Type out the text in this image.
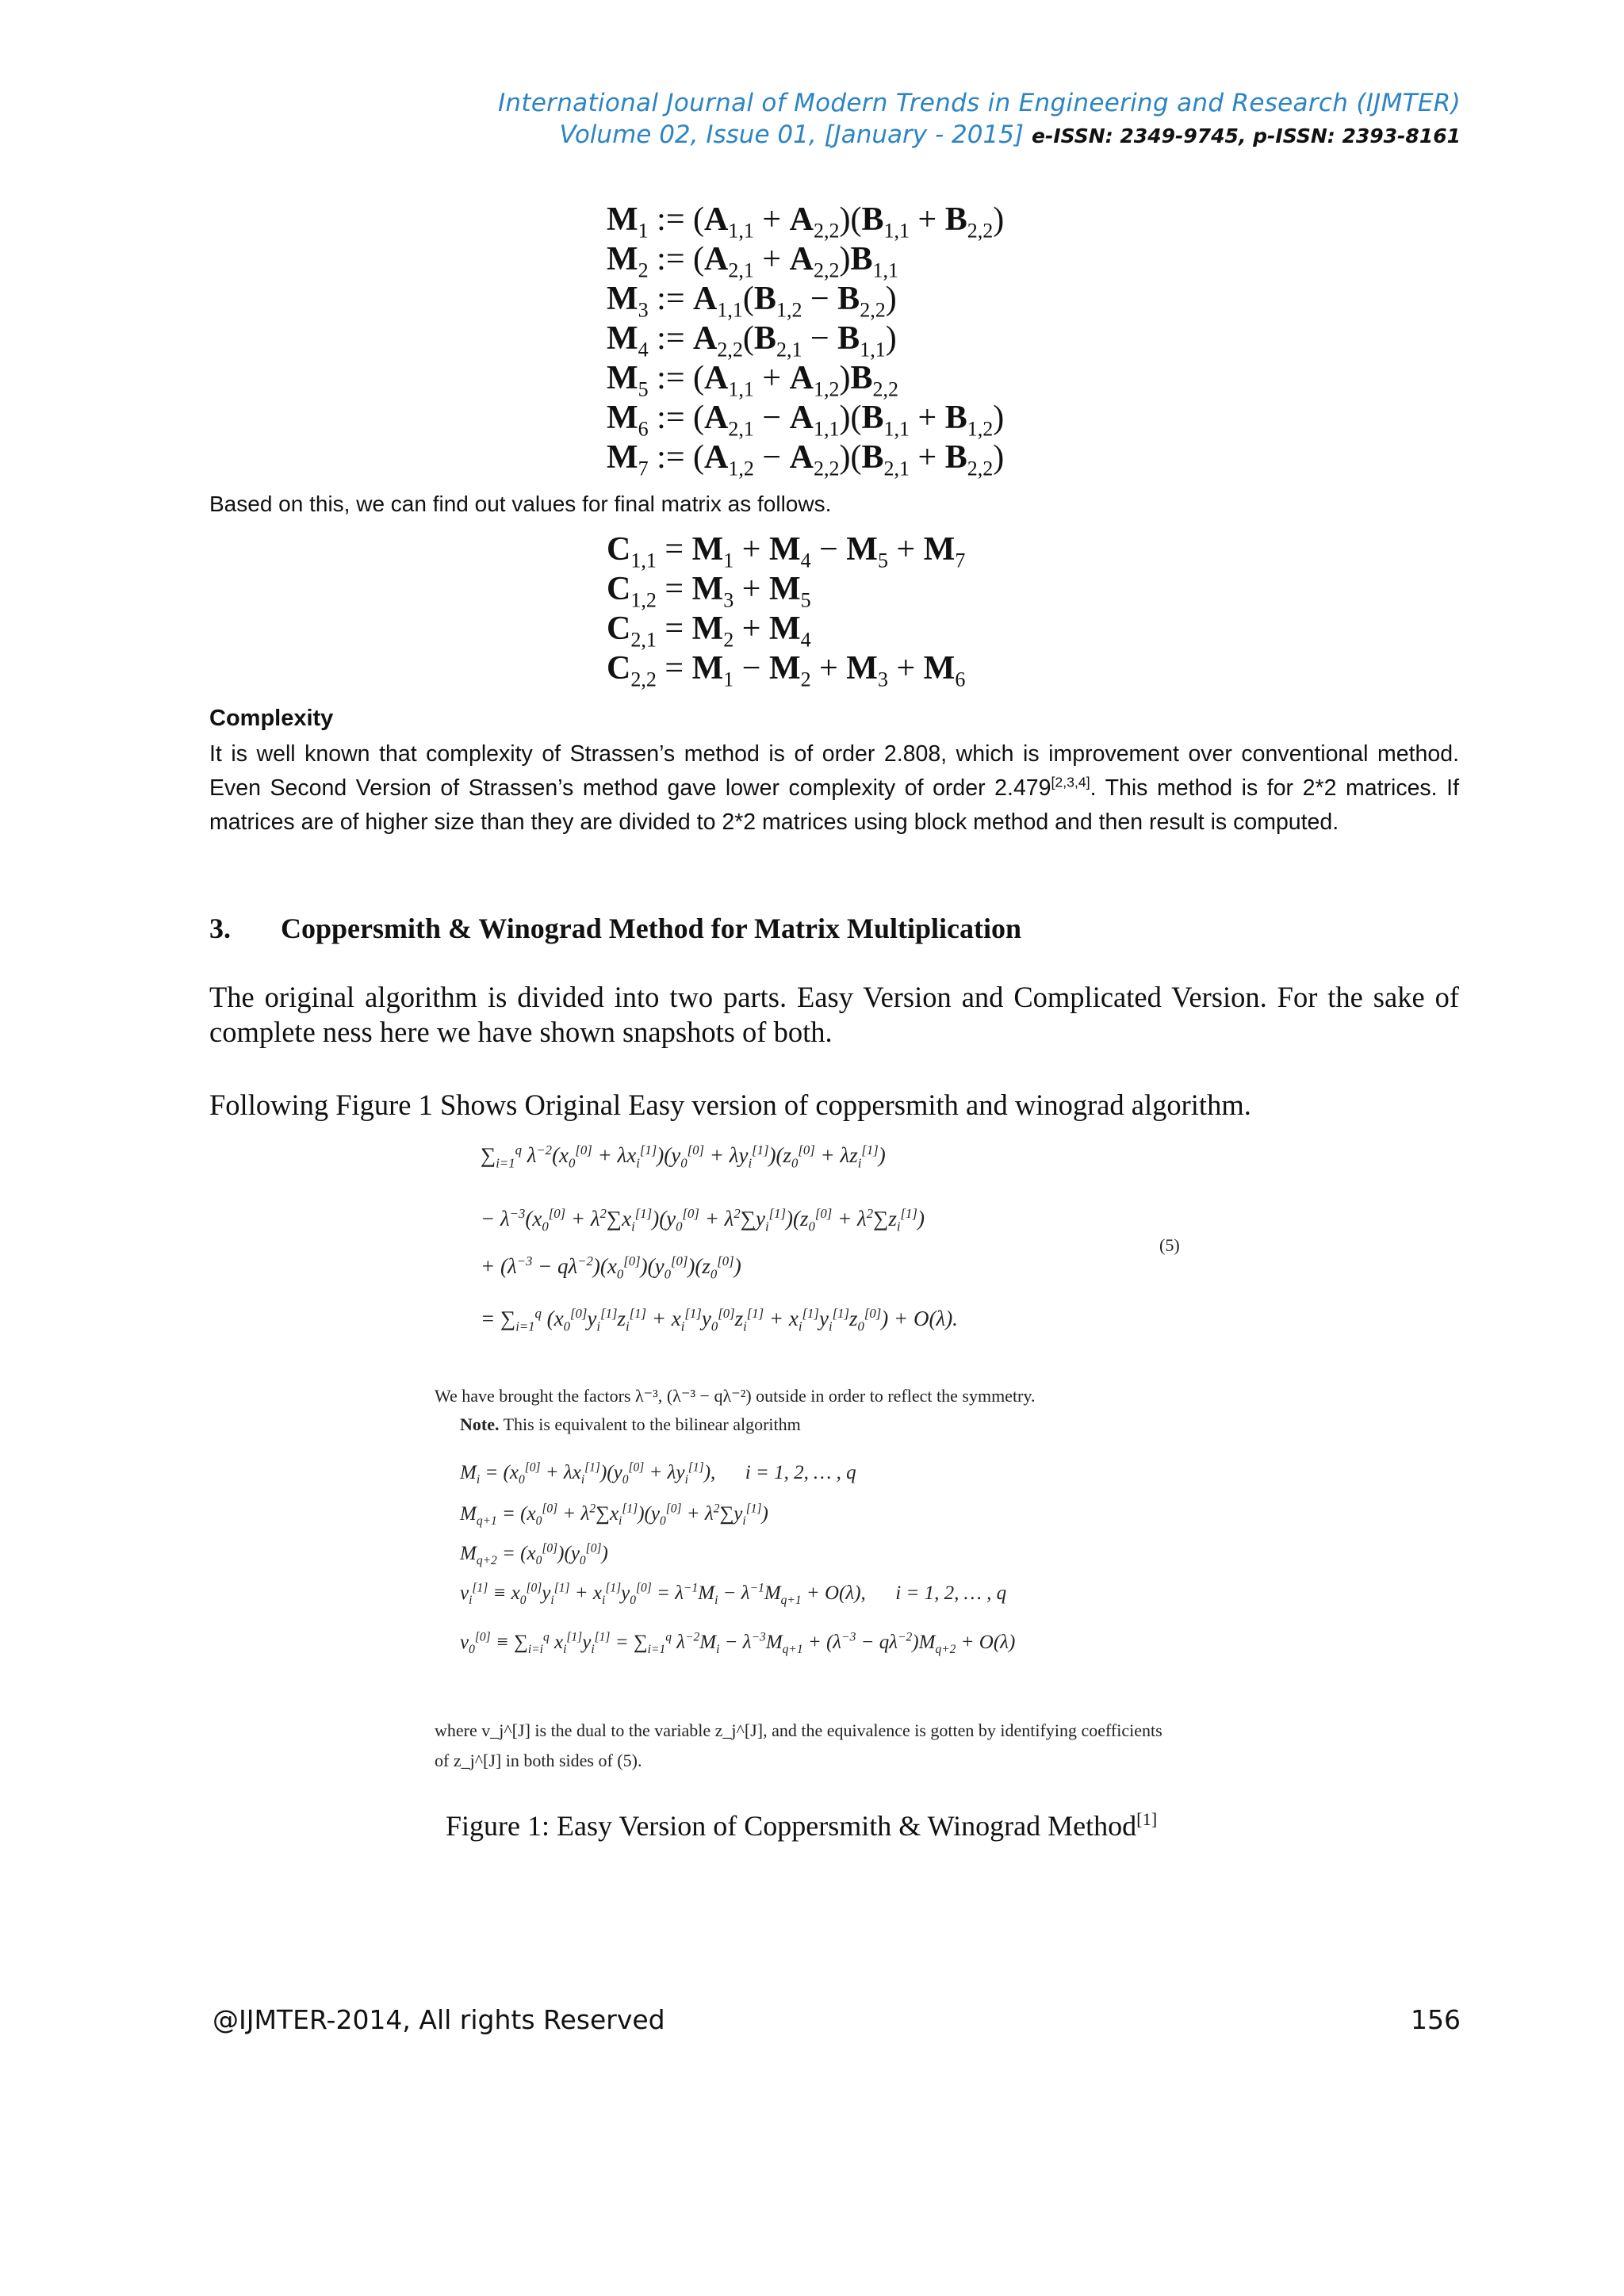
International Journal of Modern Trends in Engineering and Research (IJMTER)
Volume 02, Issue 01, [January - 2015] e-ISSN: 2349-9745, p-ISSN: 2393-8161
$M_1$ := $(A_{1,1} + A_{2,2})(B_{1,1} + B_{2,2})$
$M_2$ := $(A_{2,1} + A_{2,2})B_{1,1}$
$M_3$ := $A_{1,1}(B_{1,2} - B_{2,2})$
$M_4$ := $A_{2,2}(B_{2,1} - B_{1,1})$
$M_5$ := $(A_{1,1} + A_{1,2})B_{2,2}$
$M_6$ := $(A_{2,1} - A_{1,1})(B_{1,1} + B_{1,2})$
$M_7$ := $(A_{1,2} - A_{2,2})(B_{2,1} + B_{2,2})$
Based on this, we can find out values for final matrix as follows.
$C_{1,1} = M_1 + M_4 - M_5 + M_7$
$C_{1,2} = M_3 + M_5$
$C_{2,1} = M_2 + M_4$
$C_{2,2} = M_1 - M_2 + M_3 + M_6$
Complexity
It is well known that complexity of Strassen’s method is of order 2.808, which is improvement over conventional method. Even Second Version of Strassen’s method gave lower complexity of order 2.479[2,3,4]. This method is for 2*2 matrices. If matrices are of higher size than they are divided to 2*2 matrices using block method and then result is computed.
3. Coppersmith & Winograd Method for Matrix Multiplication
The original algorithm is divided into two parts. Easy Version and Complicated Version. For the sake of complete ness here we have shown snapshots of both.
Following Figure 1 Shows Original Easy version of coppersmith and winograd algorithm.
$\sum_{i=1}^q$ $\lambda^{-2}(x_0[0] + \lambda x_i[1])(y_0[0] + \lambda y_i[1])(z_0[0] + \lambda z_i[1])$
− $\lambda^{-3}(x_0[0] + \lambda^2\sum x_i[1])(y_0[0] + \lambda^2\sum y_i[1])(z_0[0] + \lambda^2\sum z_i[1])$
+ $(\lambda^{-3} - q\lambda^{-2})(x_0[0])(y_0[0])(z_0[0])$
= $\sum_{i=1}^q$ $(x_0[0]y_i[1]z_i[1] + x_i[1]y_0[0]z_i[1] + x_i[1]y_i[1]z_0[0]) + O(\lambda)$.
(5)
We have brought the factors λ⁻³, (λ⁻³ − qλ⁻²) outside in order to reflect the symmetry.
Note. This is equivalent to the bilinear algorithm
$M_i = (x_0[0] + \lambda x_i[1])(y_0[0] + \lambda y_i[1])$,      i = 1, 2, … , q
$M_{q+1} = (x_0[0] + \lambda^2\sum x_i[1])(y_0[0] + \lambda^2\sum y_i[1])$
$M_{q+2} = (x_0[0])(y_0[0])$
$v_i[1] \equiv x_0[0]y_i[1] + x_i[1]y_0[0] = \lambda^{-1}M_i - \lambda^{-1}M_{q+1} + O(\lambda)$,      i = 1, 2, … , q
$v_0[0] \equiv \sum_{i=i}^q$ $x_i[1]y_i[1] = \sum_{i=1}^q$ $\lambda^{-2}M_i - \lambda^{-3}M_{q+1} + (\lambda^{-3} - q\lambda^{-2})M_{q+2} + O(\lambda)$
where v_j^[J] is the dual to the variable z_j^[J], and the equivalence is gotten by identifying coefficients
of z_j^[J] in both sides of (5).
Figure 1: Easy Version of Coppersmith & Winograd Method[1]
@IJMTER-2014, All rights Reserved	156
